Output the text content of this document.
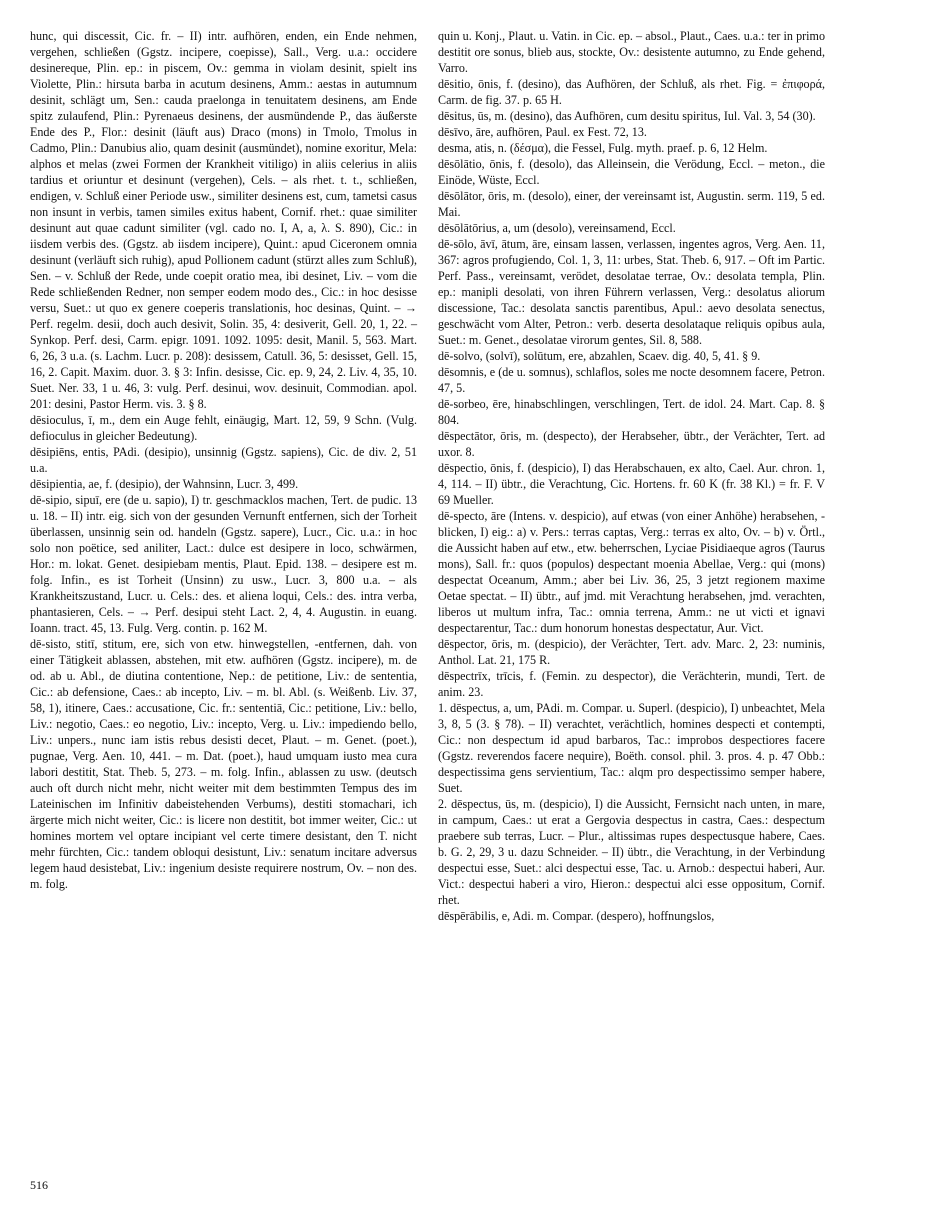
hunc, qui discessit, Cic. fr. – II) intr. aufhören, enden, ein Ende nehmen, vergehen, schließen (Ggstz. incipere, coepisse), Sall., Verg. u.a.: occidere desinereque, Plin. ep.: in piscem, Ov.: gemma in violam desinit, spielt ins Violette, Plin.: hirsuta barba in acutum desinens, Amm.: aestas in autumnum desinit, schlägt um, Sen.: cauda praelonga in tenuitatem desinens, am Ende spitz zulaufend, Plin.: Pyrenaeus desinens, der ausmündende P., das äußerste Ende des P., Flor.: desinit (läuft aus) Draco (mons) in Tmolo, Tmolus in Cadmo, Plin.: Danubius alio, quam desinit (ausmündet), nomine exoritur, Mela: alphos et melas (zwei Formen der Krankheit vitiligo) in aliis celerius in aliis tardius et oriuntur et desinunt (vergehen), Cels. – als rhet. t. t., schließen, endigen, v. Schluß einer Periode usw., similiter desinens est, cum, tametsi casus non insunt in verbis, tamen similes exitus habent, Cornif. rhet.: quae similiter desinunt aut quae cadunt similiter (vgl. cado no. I, A, a, λ. S. 890), Cic.: in iisdem verbis des. (Ggstz. ab iisdem incipere), Quint.: apud Ciceronem omnia desinunt (verläuft sich ruhig), apud Pollionem cadunt (stürzt alles zum Schluß), Sen. – v. Schluß der Rede, unde coepit oratio mea, ibi desinet, Liv. – vom die Rede schließenden Redner, non semper eodem modo des., Cic.: in hoc desisse versu, Suet.: ut quo ex genere coeperis translationis, hoc desinas, Quint. – → Perf. regelm. desii, doch auch desivit, Solin. 35, 4: desiverit, Gell. 20, 1, 22. – Synkop. Perf. desi, Carm. epigr. 1091. 1092. 1095: desit, Manil. 5, 563. Mart. 6, 26, 3 u.a. (s. Lachm. Lucr. p. 208): desissem, Catull. 36, 5: desisset, Gell. 15, 16, 2. Capit. Maxim. duor. 3. § 3: Infin. desisse, Cic. ep. 9, 24, 2. Liv. 4, 35, 10. Suet. Ner. 33, 1 u. 46, 3: vulg. Perf. desinui, wov. desinuit, Commodian. apol. 201: desini, Pastor Herm. vis. 3. § 8.

dēsioculus, ī, m., dem ein Auge fehlt, einäugig, Mart. 12, 59, 9 Schn. (Vulg. defioculus in gleicher Bedeutung).

dēsipiēns, entis, PAdi. (desipio), unsinnig (Ggstz. sapiens), Cic. de div. 2, 51 u.a.

dēsipientia, ae, f. (desipio), der Wahnsinn, Lucr. 3, 499.

dē-sipio, sipuī, ere (de u. sapio), I) tr. geschmacklos machen, Tert. de pudic. 13 u. 18. – II) intr. eig. sich von der gesunden Vernunft entfernen, sich der Torheit überlassen, unsinnig sein od. handeln (Ggstz. sapere), Lucr., Cic. u.a.: in hoc solo non poëtice, sed aniliter, Lact.: dulce est desipere in loco, schwärmen, Hor.: m. lokat. Genet. desipiebam mentis, Plaut. Epid. 138. – desipere est m. folg. Infin., es ist Torheit (Unsinn) zu usw., Lucr. 3, 800 u.a. – als Krankheitszustand, Lucr. u. Cels.: des. et aliena loqui, Cels.: des. intra verba, phantasieren, Cels. – → Perf. desipui steht Lact. 2, 4, 4. Augustin. in euang. Ioann. tract. 45, 13. Fulg. Verg. contin. p. 162 M.

dē-sisto, stitī, stitum, ere, sich von etw. hinwegstellen, -entfernen, dah. von einer Tätigkeit ablassen, abstehen, mit etw. aufhören (Ggstz. incipere), m. de od. ab u. Abl., de diutina contentione, Nep.: de petitione, Liv.: de sententia, Cic.: ab defensione, Caes.: ab incepto, Liv. – m. bl. Abl. (s. Weißenb. Liv. 37, 58, 1), itinere, Caes.: accusatione, Cic. fr.: sententiā, Cic.: petitione, Liv.: bello, Liv.: negotio, Caes.: eo negotio, Liv.: incepto, Verg. u. Liv.: impediendo bello, Liv.: unpers., nunc iam istis rebus desisti decet, Plaut. – m. Genet. (poet.), pugnae, Verg. Aen. 10, 441. – m. Dat. (poet.), haud umquam iusto mea cura labori destitit, Stat. Theb. 5, 273. – m. folg. Infin., ablassen zu usw. (deutsch auch oft durch nicht mehr, nicht weiter mit dem bestimmten Tempus des im Lateinischen im Infinitiv dabeistehenden Verbums), destiti stomachari, ich ärgerte mich nicht weiter, Cic.: is licere non destitit, bot immer weiter, Cic.: ut homines mortem vel optare incipiant vel certe timere desistant, den T. nicht mehr fürchten, Cic.: tandem obloqui desistunt, Liv.: senatum incitare adversus legem haud desistebat, Liv.: ingenium desiste requirere nostrum, Ov. – non des. m. folg.

quin u. Konj., Plaut. u. Vatin. in Cic. ep. – absol., Plaut., Caes. u.a.: ter in primo destitit ore sonus, blieb aus, stockte, Ov.: desistente autumno, zu Ende gehend, Varro.

dēsitio, ōnis, f. (desino), das Aufhören, der Schluß, als rhet. Fig. = ἐπιφορά, Carm. de fig. 37. p. 65 H.

dēsitus, ūs, m. (desino), das Aufhören, cum desitu spiritus, Iul. Val. 3, 54 (30).

dēsīvo, āre, aufhören, Paul. ex Fest. 72, 13.

desma, atis, n. (δέσμα), die Fessel, Fulg. myth. praef. p. 6, 12 Helm.

dēsōlātio, ōnis, f. (desolo), das Alleinsein, die Verödung, Eccl. – meton., die Einöde, Wüste, Eccl.

dēsōlātor, ōris, m. (desolo), einer, der vereinsamt ist, Augustin. serm. 119, 5 ed. Mai.

dēsōlātōrius, a, um (desolo), vereinsamend, Eccl.

dē-sōlo, āvī, ātum, āre, einsam lassen, verlassen, ingentes agros, Verg. Aen. 11, 367: agros profugiendo, Col. 1, 3, 11: urbes, Stat. Theb. 6, 917. – Oft im Partic. Perf. Pass., vereinsamt, verödet, desolatae terrae, Ov.: desolata templa, Plin. ep.: manipli desolati, von ihren Führern verlassen, Verg.: desolatus aliorum discessione, Tac.: desolata sanctis parentibus, Apul.: aevo desolata senectus, geschwächt vom Alter, Petron.: verb. deserta desolataque reliquis opibus aula, Suet.: m. Genet., desolatae virorum gentes, Sil. 8, 588.

dē-solvo, (solvī), solūtum, ere, abzahlen, Scaev. dig. 40, 5, 41. § 9.

dēsomnis, e (de u. somnus), schlaflos, soles me nocte desomnem facere, Petron. 47, 5.

dē-sorbeo, ēre, hinabschlingen, verschlingen, Tert. de idol. 24. Mart. Cap. 8. § 804.

dēspectātor, ōris, m. (despecto), der Herabseher, übtr., der Verächter, Tert. ad uxor. 8.

dēspectio, ōnis, f. (despicio), I) das Herabschauen, ex alto, Cael. Aur. chron. 1, 4, 114. – II) übtr., die Verachtung, Cic. Hortens. fr. 60 K (fr. 38 Kl.) = fr. F. V 69 Mueller.

dē-specto, āre (Intens. v. despicio), auf etwas (von einer Anhöhe) herabsehen, -blicken, I) eig.: a) v. Pers.: terras captas, Verg.: terras ex alto, Ov. – b) v. Örtl., die Aussicht haben auf etw., etw. beherrschen, Lyciae Pisidiaeque agros (Taurus mons), Sall. fr.: quos (populos) despectant moenia Abellae, Verg.: qui (mons) despectat Oceanum, Amm.; aber bei Liv. 36, 25, 3 jetzt regionem maxime Oetae spectat. – II) übtr., auf jmd. mit Verachtung herabsehen, jmd. verachten, liberos ut multum infra, Tac.: omnia terrena, Amm.: ne ut victi et ignavi despectarentur, Tac.: dum honorum honestas despectatur, Aur. Vict.

dēspector, ōris, m. (despicio), der Verächter, Tert. adv. Marc. 2, 23: numinis, Anthol. Lat. 21, 175 R.

dēspectrīx, trīcis, f. (Femin. zu despector), die Verächterin, mundi, Tert. de anim. 23.

1. dēspectus, a, um, PAdi. m. Compar. u. Superl. (despicio), I) unbeachtet, Mela 3, 8, 5 (3. § 78). – II) verachtet, verächtlich, homines despecti et contempti, Cic.: non despectum id apud barbaros, Tac.: improbos despectiores facere (Ggstz. reverendos facere nequire), Boëth. consol. phil. 3. pros. 4. p. 47 Obb.: despectissima gens servientium, Tac.: alqm pro despectissimo semper habere, Suet.

2. dēspectus, ūs, m. (despicio), I) die Aussicht, Fernsicht nach unten, in mare, in campum, Caes.: ut erat a Gergovia despectus in castra, Caes.: despectum praebere sub terras, Lucr. – Plur., altissimas rupes despectusque habere, Caes. b. G. 2, 29, 3 u. dazu Schneider. – II) übtr., die Verachtung, in der Verbindung despectui esse, Suet.: alci despectui esse, Tac. u. Arnob.: despectui haberi, Aur. Vict.: despectui haberi a viro, Hieron.: despectui alci esse oppositum, Cornif. rhet.

dēspērābilis, e, Adi. m. Compar. (despero), hoffnungslos,

516
